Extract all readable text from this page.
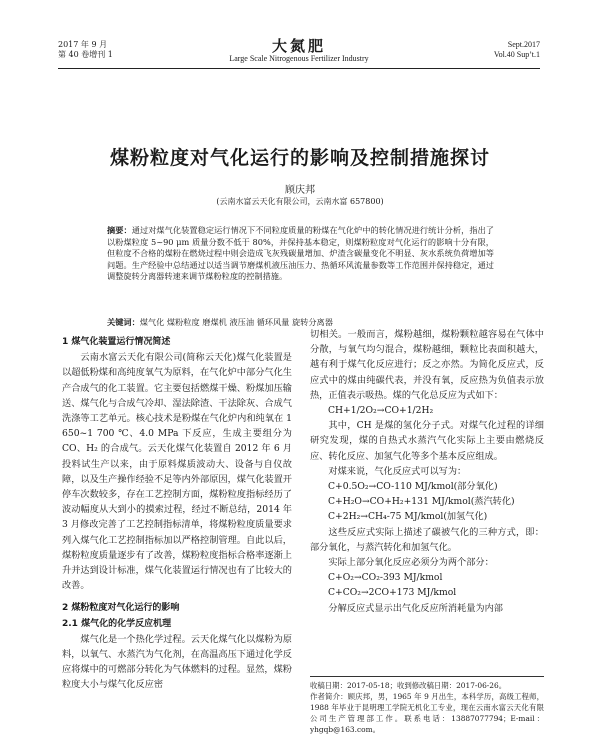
2017 年 9 月
第 40 卷增刊 1	大氮肥
Large Scale Nitrogenous Fertilizer Industry
Sept.2017
Vol.40 Sup’t.1
煤粉粒度对气化运行的影响及控制措施探讨
顾庆邦
(云南水富云天化有限公司，云南水富 657800)
摘要：通过对煤气化装置稳定运行情况下不同粒度质量的粉煤在气化炉中的转化情况进行统计分析，指出了以粉煤粒度 5~90 μm 质量分数不低于 80%，并保持基本稳定，则煤粉粒度对气化运行的影响十分有限，但粒度不合格的煤粉在燃烧过程中则会造成飞灰残碳量增加、炉渣含碳量变化不明显、灰水系统负荷增加等问题。生产经验中总结通过以适当调节磨煤机液压油压力、热循环风流量参数等工作范围并保持稳定，通过调整旋转分离器转速来调节煤粉粒度的控制措施。
关键词：煤气化 煤粉粒度 磨煤机 液压油 循环风量 旋转分离器

1 煤气化装置运行情况简述

云南水富云天化有限公司(简称云天化)煤气化装置是以超低粉煤和高纯度氧气为原料，在气化炉中部分气化生产合成气的化工装置。它主要包括燃煤干燥、粉煤加压输送、煤气化与合成气冷却、湿法除渣、干法除灰、合成气洗涤等工艺单元。核心技术是粉煤在气化炉内和纯氧在 1 650~1 700 ℃、4.0 MPa 下反应，生成主要组分为 CO、H₂ 的合成气。云天化煤气化装置自 2012 年 6 月投料试生产以来，由于原料煤质波动大、设备与自仪故障，以及生产操作经验不足等内外部原因，煤气化装置开停车次数较多，存在工艺控制方面，煤粉粒度指标经历了波动幅度从大到小的摸索过程，经过不断总结，2014 年 3 月修改完善了工艺控制指标清单，将煤粉粒度质量要求列入煤气化工艺控制指标加以严格控制管理。自此以后，煤粉粒度质量逐步有了改善，煤粉粒度指标合格率逐渐上升并达到设计标准，煤气化装置运行情况也有了比较大的改善。

2 煤粉粒度对气化运行的影响

2.1 煤气化的化学反应机理

煤气化是一个热化学过程。云天化煤气化以煤粉为原料，以氧气、水蒸汽为气化剂，在高温高压下通过化学反应将煤中的可燃部分转化为气体燃料的过程。显然，煤粉粒度大小与煤气化反应密

切相关。一般而言，煤粉越细，煤粉颗粒越容易在气体中分散，与氧气均匀混合，煤粉越细，颗粒比表面积越大，越有利于煤气化反应进行；反之亦然。为简化反应式，反应式中的煤由纯碳代表，并没有氧，反应热为负值表示放热，正值表示吸热。煤的气化总反应为式如下：

CH+1/2O₂→CO+1/2H₂

其中，CH 是煤的氢化分子式。对煤气化过程的详细研究发现，煤的自热式水蒸汽气化实际上主要由燃烧反应、转化反应、加氢气化等多个基本反应组成。

对煤来说，气化反应式可以写为：

C+0.5O₂→CO-110 MJ/kmol(部分氧化)

C+H₂O→CO+H₂+131 MJ/kmol(蒸汽转化)

C+2H₂→CH₄-75 MJ/kmol(加氢气化)

这些反应式实际上描述了碳被气化的三种方式，即：部分氧化，与蒸汽转化和加氢气化。

实际上部分氧化反应必须分为两个部分：

C+O₂→CO₂-393 MJ/kmol

C+CO₂→2CO+173 MJ/kmol

分解反应式显示出气化反应所消耗量为内部

收稿日期：2017-05-18；收到修改稿日期：2017-06-26。

作者简介：顾庆邦，男，1965 年 9 月出生，本科学历，高级工程师，1988 年毕业于昆明理工学院无机化工专业，现在云南水富云天化有限公司生产管理部工作。联系电话：13887077794；E-mail：yhgqb@163.com。
